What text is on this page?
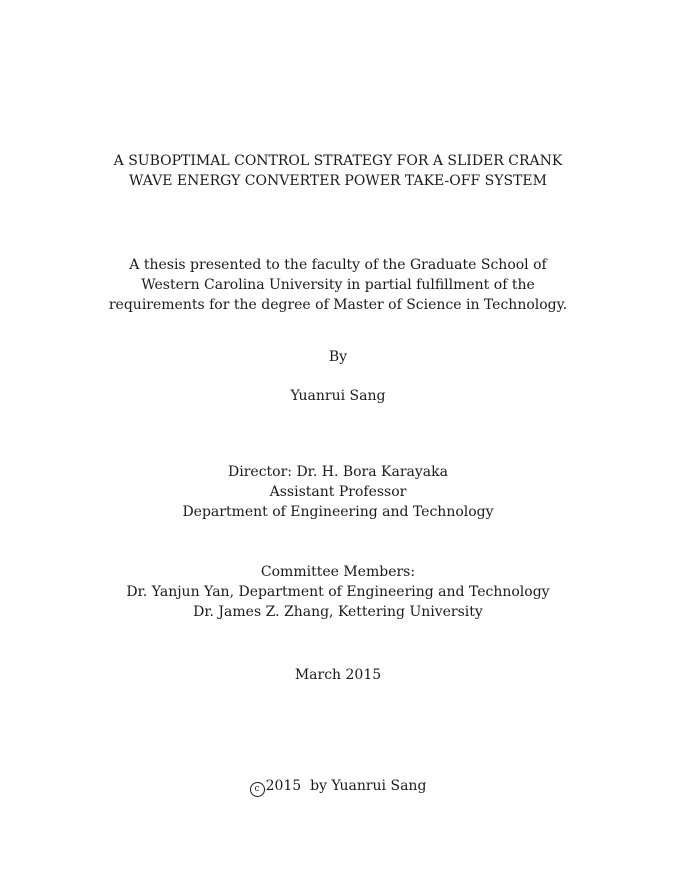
A SUBOPTIMAL CONTROL STRATEGY FOR A SLIDER CRANK
WAVE ENERGY CONVERTER POWER TAKE-OFF SYSTEM
A thesis presented to the faculty of the Graduate School of
Western Carolina University in partial fulfillment of the
requirements for the degree of Master of Science in Technology.
By
Yuanrui Sang
Director: Dr. H. Bora Karayaka
Assistant Professor
Department of Engineering and Technology
Committee Members:
Dr. Yanjun Yan, Department of Engineering and Technology
Dr. James Z. Zhang, Kettering University
March 2015
c 2015 by Yuanrui Sang
